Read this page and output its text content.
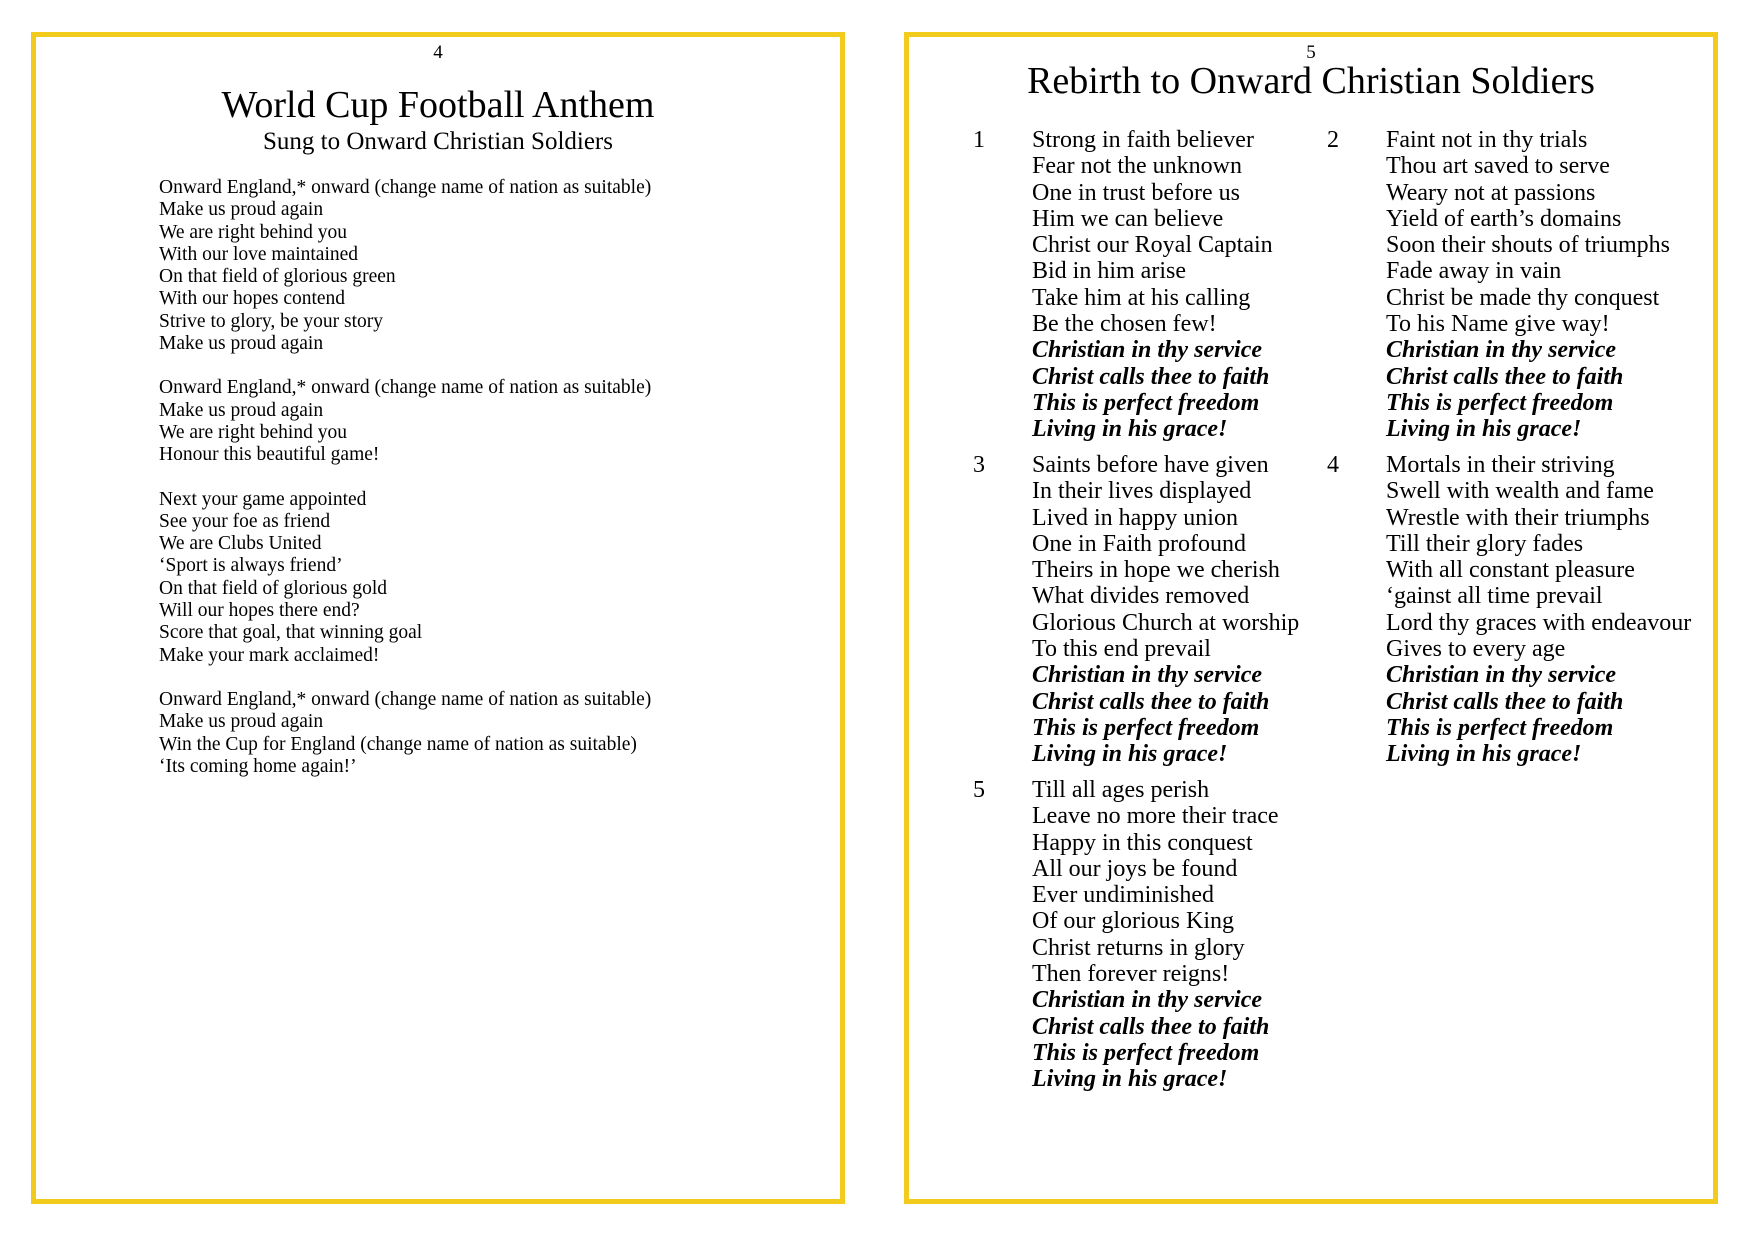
4
World Cup Football Anthem
Sung to Onward Christian Soldiers
Onward England,* onward (change name of nation as suitable)
Make us proud again
We are right behind you
With our love maintained
On that field of glorious green
With our hopes contend
Strive to glory, be your story
Make us proud again
Onward England,* onward (change name of nation as suitable)
Make us proud again
We are right behind you
Honour this beautiful game!
Next your game appointed
See your foe as friend
We are Clubs United
‘Sport is always friend’
On that field of glorious gold
Will our hopes there end?
Score that goal, that winning goal
Make your mark acclaimed!
Onward England,* onward (change name of nation as suitable)
Make us proud again
Win the Cup for England (change name of nation as suitable)
‘Its coming home again!’
5
Rebirth to Onward Christian Soldiers
1 Strong in faith believer
Fear not the unknown
One in trust before us
Him we can believe
Christ our Royal Captain
Bid in him arise
Take him at his calling
Be the chosen few!
Christian in thy service
Christ calls thee to faith
This is perfect freedom
Living in his grace!
2 Faint not in thy trials
Thou art saved to serve
Weary not at passions
Yield of earth’s domains
Soon their shouts of triumphs
Fade away in vain
Christ be made thy conquest
To his Name give way!
Christian in thy service
Christ calls thee to faith
This is perfect freedom
Living in his grace!
3 Saints before have given
In their lives displayed
Lived in happy union
One in Faith profound
Theirs in hope we cherish
What divides removed
Glorious Church at worship
To this end prevail
Christian in thy service
Christ calls thee to faith
This is perfect freedom
Living in his grace!
4 Mortals in their striving
Swell with wealth and fame
Wrestle with their triumphs
Till their glory fades
With all constant pleasure
‘gainst all time prevail
Lord thy graces with endeavour
Gives to every age
Christian in thy service
Christ calls thee to faith
This is perfect freedom
Living in his grace!
5 Till all ages perish
Leave no more their trace
Happy in this conquest
All our joys be found
Ever undiminished
Of our glorious King
Christ returns in glory
Then forever reigns!
Christian in thy service
Christ calls thee to faith
This is perfect freedom
Living in his grace!
